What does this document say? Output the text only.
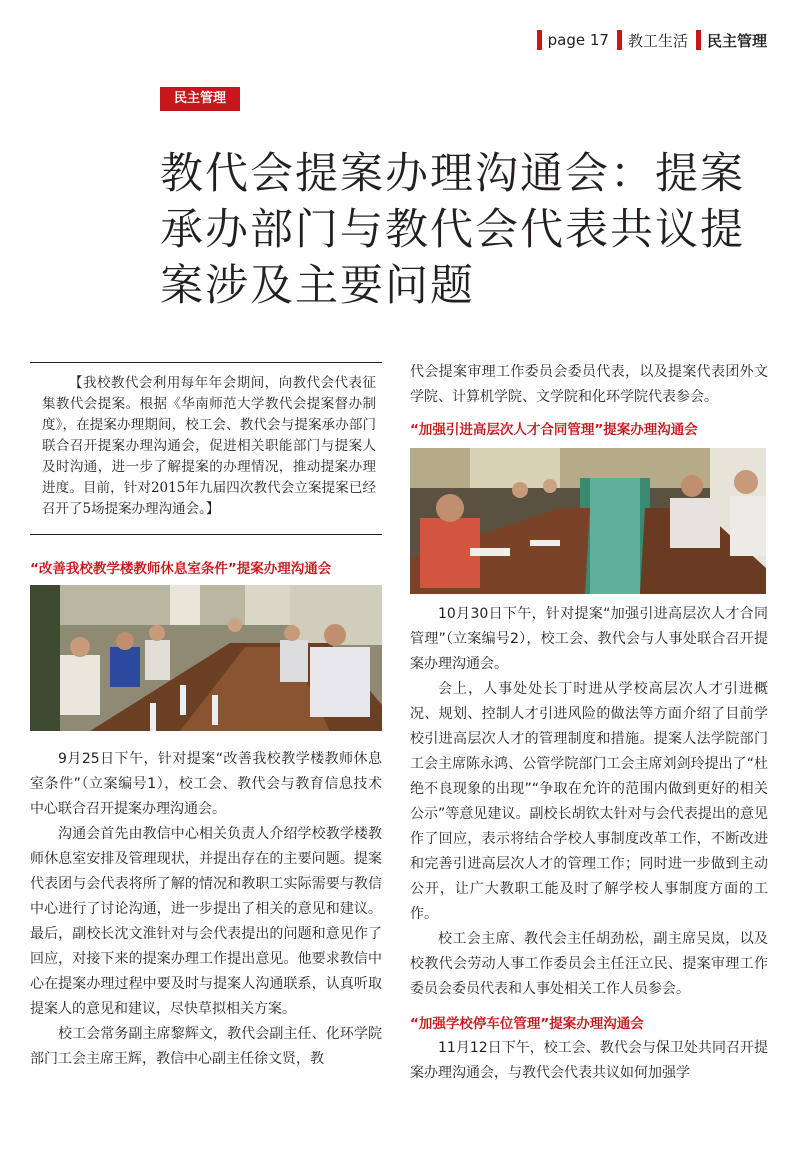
page 17 教工生活 民主管理
民主管理
教代会提案办理沟通会：提案承办部门与教代会代表共议提案涉及主要问题

【我校教代会利用每年年会期间，向教代会代表征集教代会提案。根据《华南师范大学教代会提案督办制度》，在提案办理期间，校工会、教代会与提案承办部门联合召开提案办理沟通会，促进相关职能部门与提案人及时沟通，进一步了解提案的办理情况，推动提案办理进度。目前，针对2015年九届四次教代会立案提案已经召开了5场提案办理沟通会。】

“改善我校教学楼教师休息室条件”提案办理沟通会

9月25日下午，针对提案“改善我校教学楼教师休息室条件”（立案编号1），校工会、教代会与教育信息技术中心联合召开提案办理沟通会。

沟通会首先由教信中心相关负责人介绍学校教学楼教师休息室安排及管理现状，并提出存在的主要问题。提案代表团与会代表将所了解的情况和教职工实际需要与教信中心进行了讨论沟通，进一步提出了相关的意见和建议。最后，副校长沈文淮针对与会代表提出的问题和意见作了回应，对接下来的提案办理工作提出意见。他要求教信中心在提案办理过程中要及时与提案人沟通联系，认真听取提案人的意见和建议，尽快草拟相关方案。

校工会常务副主席黎辉文，教代会副主任、化环学院部门工会主席王辉，教信中心副主任徐文贤，教

代会提案审理工作委员会委员代表，以及提案代表团外文学院、计算机学院、文学院和化环学院代表参会。

“加强引进高层次人才合同管理”提案办理沟通会

10月30日下午，针对提案“加强引进高层次人才合同管理”（立案编号2），校工会、教代会与人事处联合召开提案办理沟通会。

会上，人事处处长丁时进从学校高层次人才引进概况、规划、控制人才引进风险的做法等方面介绍了目前学校引进高层次人才的管理制度和措施。提案人法学院部门工会主席陈永鸿、公管学院部门工会主席刘剑玲提出了“杜绝不良现象的出现”“争取在允许的范围内做到更好的相关公示”等意见建议。副校长胡钦太针对与会代表提出的意见作了回应，表示将结合学校人事制度改革工作，不断改进和完善引进高层次人才的管理工作；同时进一步做到主动公开，让广大教职工能及时了解学校人事制度方面的工作。

校工会主席、教代会主任胡劲松，副主席吴岚，以及校教代会劳动人事工作委员会主任汪立民、提案审理工作委员会委员代表和人事处相关工作人员参会。

“加强学校停车位管理”提案办理沟通会

11月12日下午，校工会、教代会与保卫处共同召开提案办理沟通会，与教代会代表共议如何加强学
